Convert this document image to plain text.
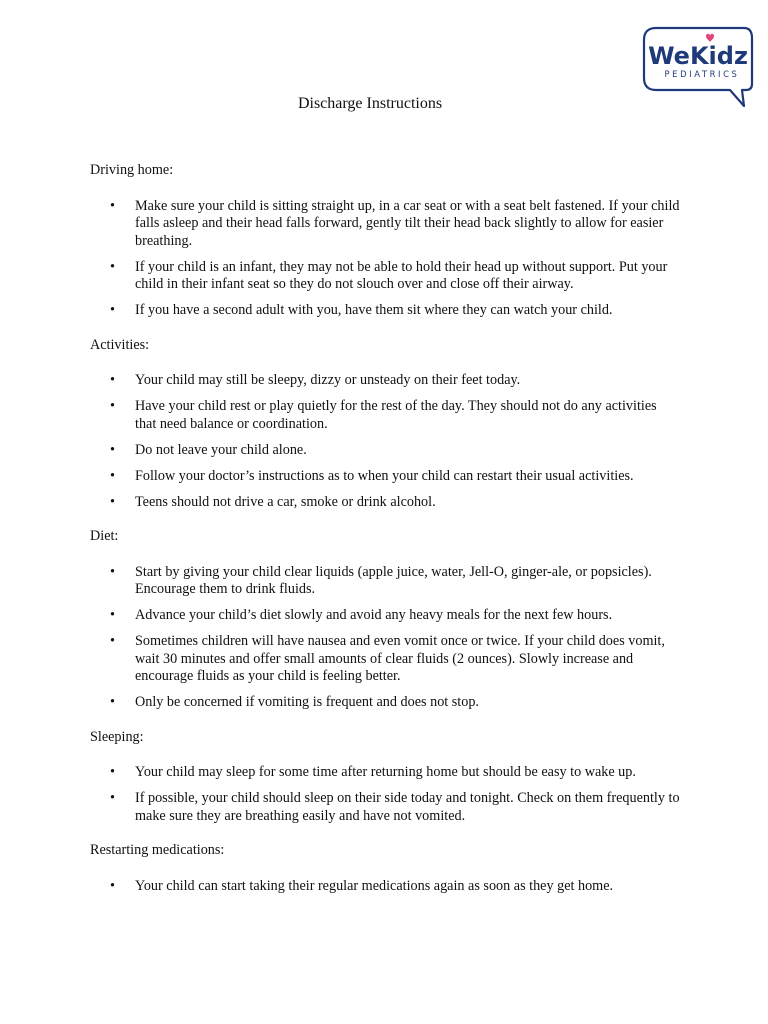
WeKidz
PEDIATRICS
Discharge Instructions
Driving home:
• Make sure your child is sitting straight up, in a car seat or with a seat belt fastened. If your child falls asleep and their head falls forward, gently tilt their head back slightly to allow for easier breathing.
• If your child is an infant, they may not be able to hold their head up without support. Put your child in their infant seat so they do not slouch over and close off their airway.
• If you have a second adult with you, have them sit where they can watch your child.
Activities:
• Your child may still be sleepy, dizzy or unsteady on their feet today.
• Have your child rest or play quietly for the rest of the day. They should not do any activities that need balance or coordination.
• Do not leave your child alone.
• Follow your doctor’s instructions as to when your child can restart their usual activities.
• Teens should not drive a car, smoke or drink alcohol.
Diet:
• Start by giving your child clear liquids (apple juice, water, Jell-O, ginger-ale, or popsicles). Encourage them to drink fluids.
• Advance your child’s diet slowly and avoid any heavy meals for the next few hours.
• Sometimes children will have nausea and even vomit once or twice. If your child does vomit, wait 30 minutes and offer small amounts of clear fluids (2 ounces). Slowly increase and encourage fluids as your child is feeling better.
• Only be concerned if vomiting is frequent and does not stop.
Sleeping:
• Your child may sleep for some time after returning home but should be easy to wake up.
• If possible, your child should sleep on their side today and tonight. Check on them frequently to make sure they are breathing easily and have not vomited.
Restarting medications:
• Your child can start taking their regular medications again as soon as they get home.
